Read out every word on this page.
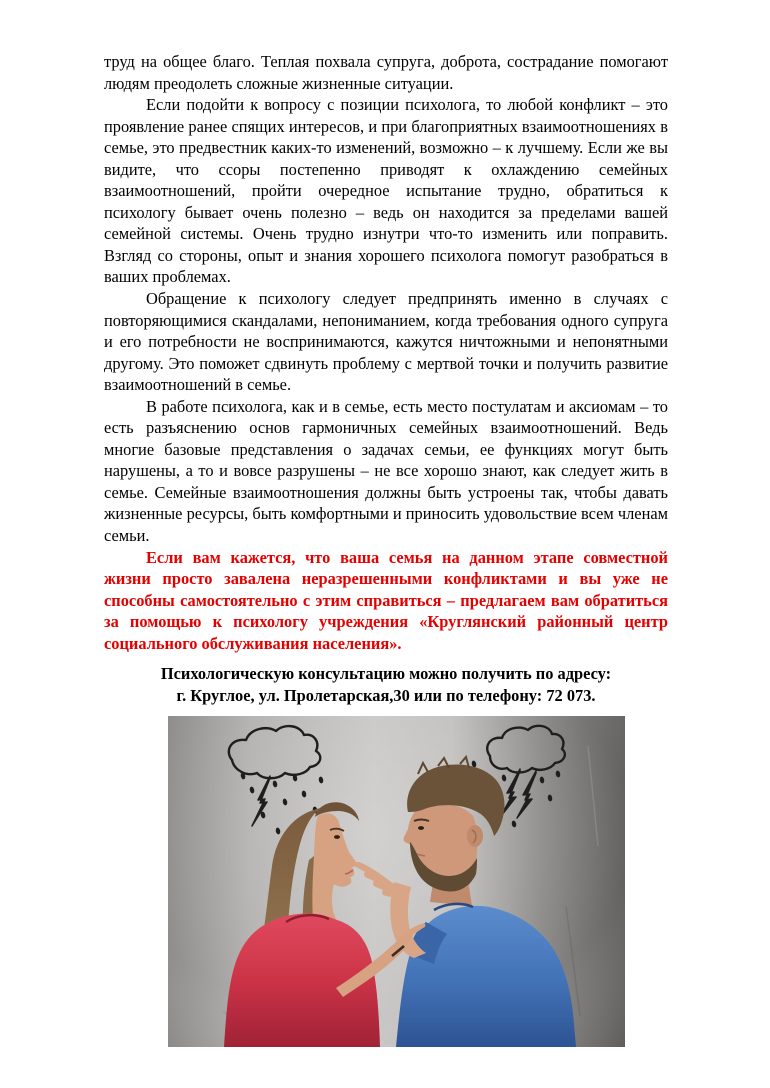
труд на общее благо. Теплая похвала супруга, доброта, сострадание помогают людям преодолеть сложные жизненные ситуации.

Если подойти к вопросу с позиции психолога, то любой конфликт – это проявление ранее спящих интересов, и при благоприятных взаимоотношениях в семье, это предвестник каких-то изменений, возможно – к лучшему. Если же вы видите, что ссоры постепенно приводят к охлаждению семейных взаимоотношений, пройти очередное испытание трудно, обратиться к психологу бывает очень полезно – ведь он находится за пределами вашей семейной системы. Очень трудно изнутри что-то изменить или поправить. Взгляд со стороны, опыт и знания хорошего психолога помогут разобраться в ваших проблемах.

Обращение к психологу следует предпринять именно в случаях с повторяющимися скандалами, непониманием, когда требования одного супруга и его потребности не воспринимаются, кажутся ничтожными и непонятными другому. Это поможет сдвинуть проблему с мертвой точки и получить развитие взаимоотношений в семье.

В работе психолога, как и в семье, есть место постулатам и аксиомам – то есть разъяснению основ гармоничных семейных взаимоотношений. Ведь многие базовые представления о задачах семьи, ее функциях могут быть нарушены, а то и вовсе разрушены – не все хорошо знают, как следует жить в семье. Семейные взаимоотношения должны быть устроены так, чтобы давать жизненные ресурсы, быть комфортными и приносить удовольствие всем членам семьи.

Если вам кажется, что ваша семья на данном этапе совместной жизни просто завалена неразрешенными конфликтами и вы уже не способны самостоятельно с этим справиться – предлагаем вам обратиться за помощью к психологу учреждения «Круглянский районный центр социального обслуживания населения».

Психологическую консультацию можно получить по адресу:
г. Круглое, ул. Пролетарская,30 или по телефону: 72 073.
